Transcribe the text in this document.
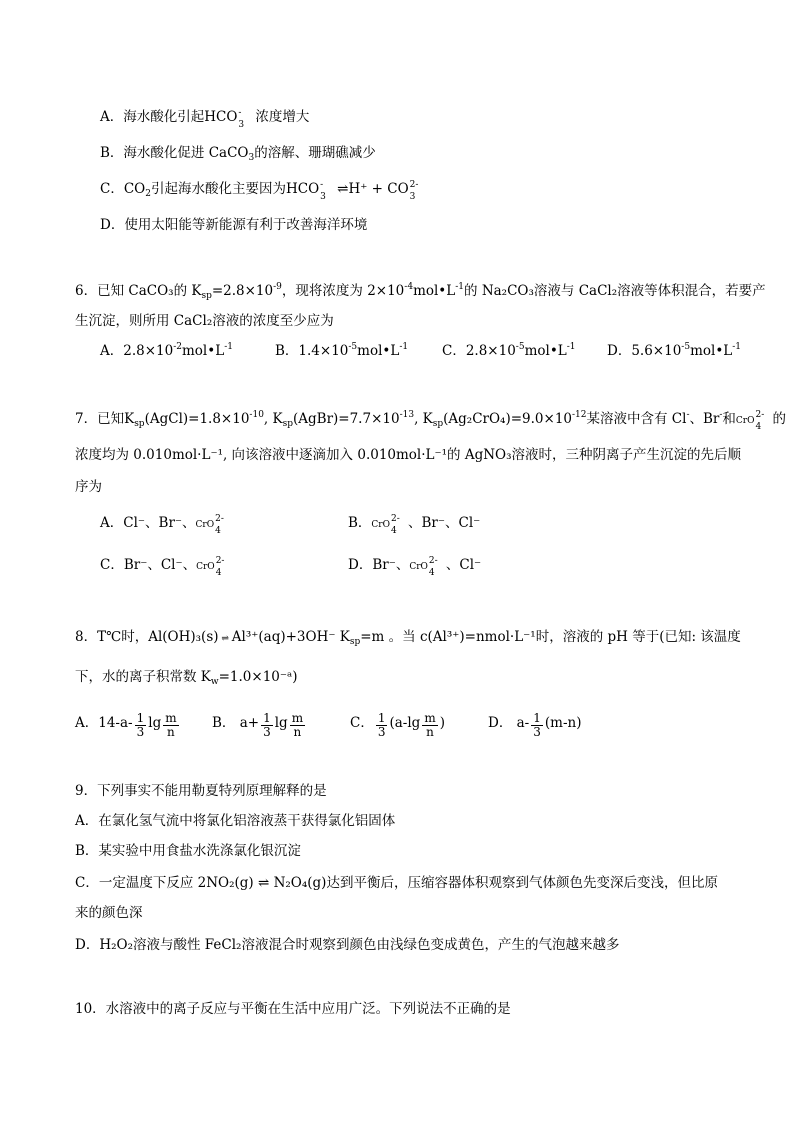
A．海水酸化引起HCO -
3 浓度增大
B．海水酸化促进 CaCO$_3$的溶解、珊瑚礁减少
C．$CO_2$引起海水酸化主要因为HCO -
3 ⇌H⁺ + CO 2-
3
D．使用太阳能等新能源有利于改善海洋环境
6．已知 CaCO₃的 $K_{sp}=2.8\times 10^{-9}$，现将浓度为 $2\times 10^{-4}mol•L^{-1}$的 Na₂CO₃溶液与 CaCl₂溶液等体积混合，若要产
生沉淀，则所用 CaCl₂溶液的浓度至少应为
A．$2.8\times 10^{-2}mol•L^{-1}$	B．$1.4\times 10^{-5}mol•L^{-1}$	C．$2.8\times 10^{-5}mol•L^{-1}$ D．$5.6\times 10^{-5}mol•L^{-1}$
7．已知$K_{sp}(AgCl)=1.8\times 10^{-10}$, $K_{sp}(AgBr)=7.7\times 10^{-13}$, $K_{sp}(Ag_2CrO_4)=9.0\times 10^{-12}$某溶液中含有 Cl-、Br-和CrO
2-
4 的
浓度均为 0.010mol·L⁻¹, 向该溶液中逐滴加入 0.010mol·L⁻¹的 AgNO₃溶液时，三种阴离子产生沉淀的先后顺
序为
A．Cl⁻、Br⁻、CrO
2-
4	B．CrO
2-
4 、Br⁻、Cl⁻
C．Br⁻、Cl⁻、CrO
2-
4	D．Br⁻、CrO
2-
4 、Cl⁻
8．T℃时，Al(OH)₃(s) ⇌ Al³⁺(aq)+3OH⁻ $K_{sp}=m$ 。当 c(Al³⁺)=nmol·L⁻¹时，溶液的 pH 等于(已知: 该温度
下，水的离子积常数 $K_w=1.0\times 10^-ᵃ$)
A．$14-a- \frac{1}{3}$ $\lg \frac{m}{n}$ B． $a+ \frac{1}{3}$ $\lg \frac{m}{n}$	C． $\frac{1}{3} (a-\lg \frac{m}{n}$ )	D． $a- \frac{1}{3} (m-n)$
9．下列事实不能用勒夏特列原理解释的是
A．在氯化氢气流中将氯化铝溶液蒸干获得氯化铝固体
B．某实验中用食盐水洗涤氯化银沉淀
C．一定温度下反应 2NO₂(g) ⇌ N₂O₄(g)达到平衡后，压缩容器体积观察到气体颜色先变深后变浅，但比原
来的颜色深
D．H₂O₂溶液与酸性 FeCl₂溶液混合时观察到颜色由浅绿色变成黄色，产生的气泡越来越多
10．水溶液中的离子反应与平衡在生活中应用广泛。下列说法不正确的是
